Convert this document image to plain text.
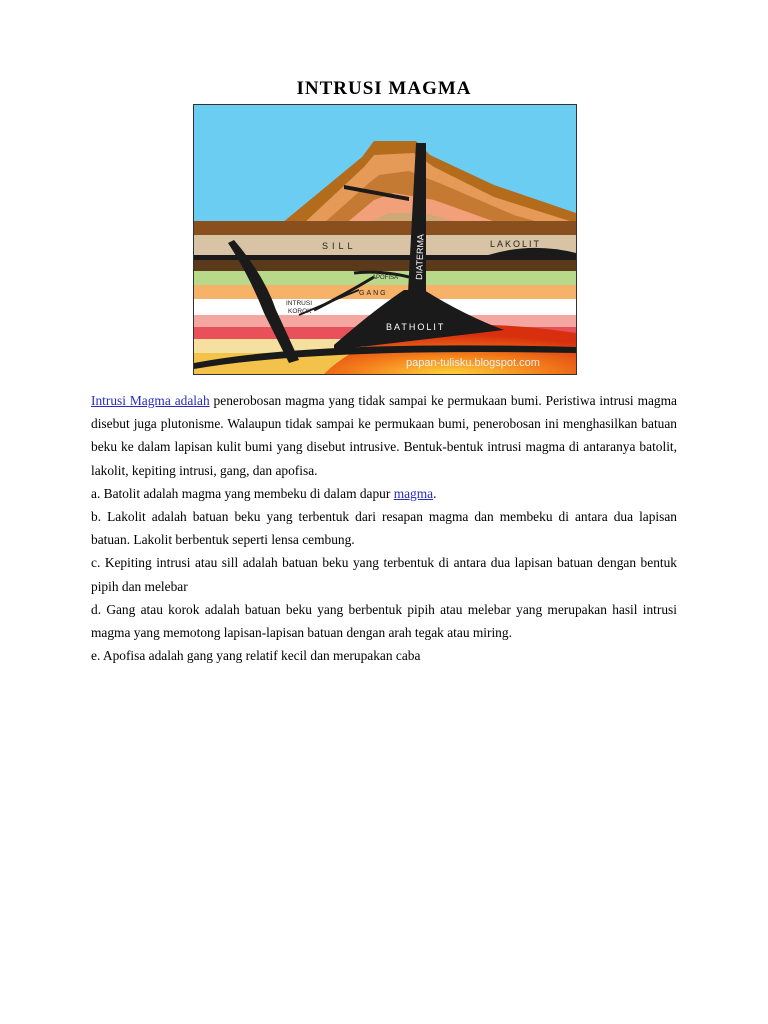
INTRUSI MAGMA
SILL	LAKOLIT
DIATERMA
APOFISA
GANG
INTRUSI
KOROK
BATHOLIT
papan-tulisku.blogspot.com

Intrusi Magma adalah penerobosan magma yang tidak sampai ke permukaan bumi. Peristiwa intrusi magma disebut juga plutonisme. Walaupun tidak sampai ke permukaan bumi, penerobosan ini menghasilkan batuan beku ke dalam lapisan kulit bumi yang disebut intrusive. Bentuk-bentuk intrusi magma di antaranya batolit, lakolit, kepiting intrusi, gang, dan apofisa.

a. Batolit adalah magma yang membeku di dalam dapur magma.

b. Lakolit adalah batuan beku yang terbentuk dari resapan magma dan membeku di antara dua lapisan batuan. Lakolit berbentuk seperti lensa cembung.

c. Kepiting intrusi atau sill adalah batuan beku yang terbentuk di antara dua lapisan batuan dengan bentuk pipih dan melebar

d. Gang atau korok adalah batuan beku yang berbentuk pipih atau melebar yang merupakan hasil intrusi magma yang memotong lapisan-lapisan batuan dengan arah tegak atau miring.

e. Apofisa adalah gang yang relatif kecil dan merupakan caba
